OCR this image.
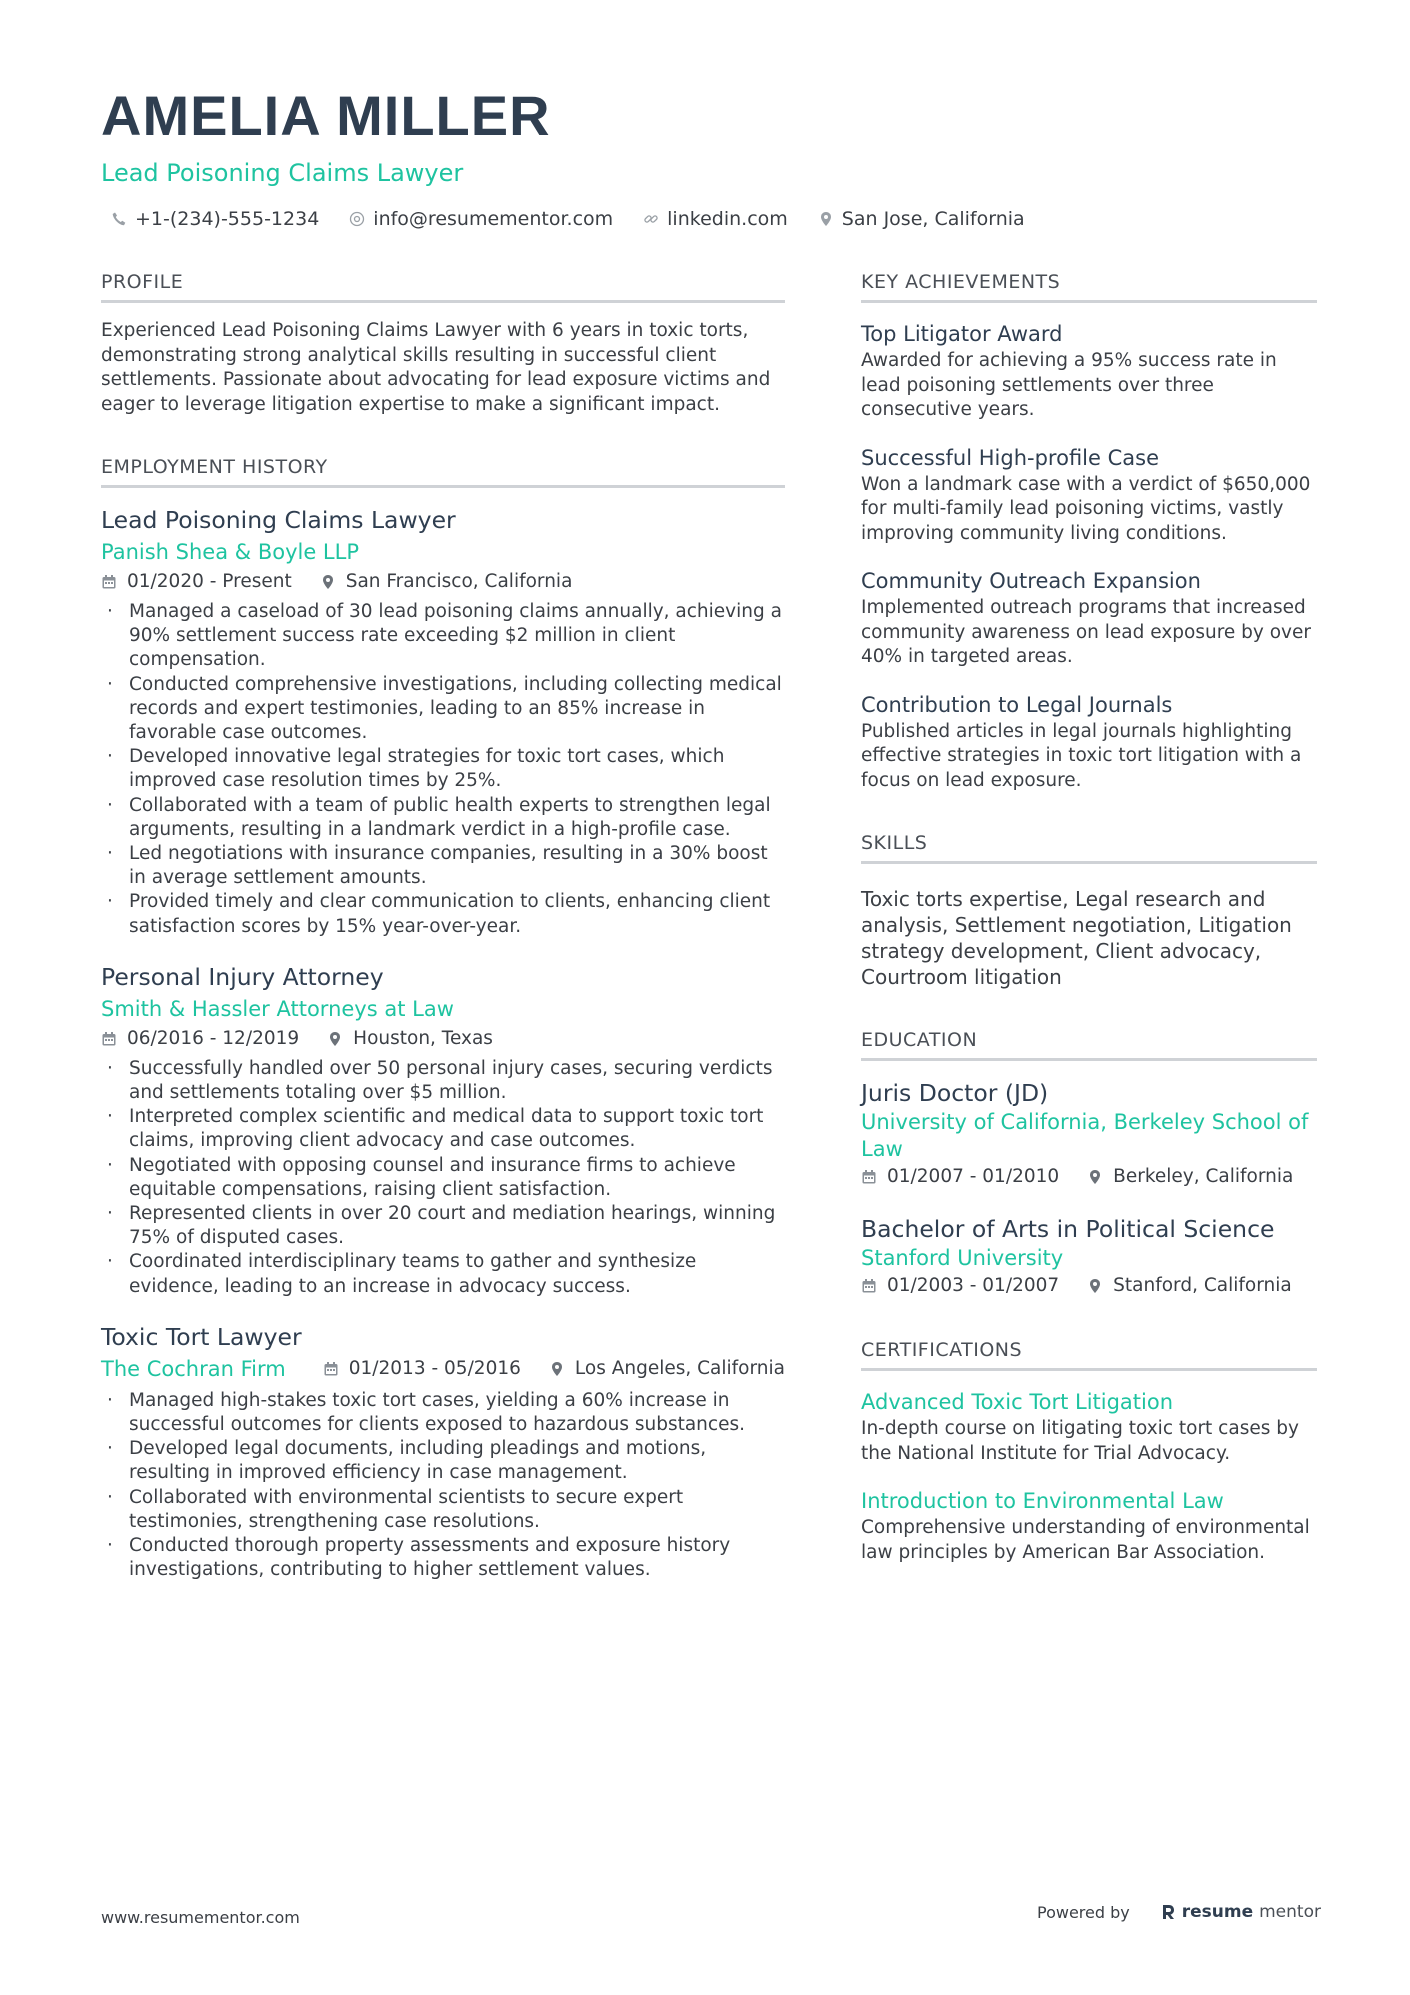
AMELIA MILLER
Lead Poisoning Claims Lawyer
+1-(234)-555-1234	info@resumementor.com	linkedin.com	San Jose, California
PROFILE
Experienced Lead Poisoning Claims Lawyer with 6 years in toxic torts, demonstrating strong analytical skills resulting in successful client settlements. Passionate about advocating for lead exposure victims and eager to leverage litigation expertise to make a significant impact.
EMPLOYMENT HISTORY
Lead Poisoning Claims Lawyer
Panish Shea & Boyle LLP
01/2020 - Present	San Francisco, California
· Managed a caseload of 30 lead poisoning claims annually, achieving a 90% settlement success rate exceeding $2 million in client compensation.
· Conducted comprehensive investigations, including collecting medical records and expert testimonies, leading to an 85% increase in favorable case outcomes.
· Developed innovative legal strategies for toxic tort cases, which improved case resolution times by 25%.
· Collaborated with a team of public health experts to strengthen legal arguments, resulting in a landmark verdict in a high-profile case.
· Led negotiations with insurance companies, resulting in a 30% boost in average settlement amounts.
· Provided timely and clear communication to clients, enhancing client satisfaction scores by 15% year-over-year.
Personal Injury Attorney
Smith & Hassler Attorneys at Law
06/2016 - 12/2019	Houston, Texas
· Successfully handled over 50 personal injury cases, securing verdicts and settlements totaling over $5 million.
· Interpreted complex scientific and medical data to support toxic tort claims, improving client advocacy and case outcomes.
· Negotiated with opposing counsel and insurance firms to achieve equitable compensations, raising client satisfaction.
· Represented clients in over 20 court and mediation hearings, winning 75% of disputed cases.
· Coordinated interdisciplinary teams to gather and synthesize evidence, leading to an increase in advocacy success.
Toxic Tort Lawyer
The Cochran Firm	01/2013 - 05/2016	Los Angeles, California
· Managed high-stakes toxic tort cases, yielding a 60% increase in successful outcomes for clients exposed to hazardous substances.
· Developed legal documents, including pleadings and motions, resulting in improved efficiency in case management.
· Collaborated with environmental scientists to secure expert testimonies, strengthening case resolutions.
· Conducted thorough property assessments and exposure history investigations, contributing to higher settlement values.
KEY ACHIEVEMENTS
Top Litigator Award
Awarded for achieving a 95% success rate in lead poisoning settlements over three consecutive years.
Successful High-profile Case
Won a landmark case with a verdict of $650,000 for multi-family lead poisoning victims, vastly improving community living conditions.
Community Outreach Expansion
Implemented outreach programs that increased community awareness on lead exposure by over 40% in targeted areas.
Contribution to Legal Journals
Published articles in legal journals highlighting effective strategies in toxic tort litigation with a focus on lead exposure.
SKILLS
Toxic torts expertise, Legal research and analysis, Settlement negotiation, Litigation strategy development, Client advocacy, Courtroom litigation
EDUCATION
Juris Doctor (JD)
University of California, Berkeley School of Law
01/2007 - 01/2010	Berkeley, California
Bachelor of Arts in Political Science
Stanford University
01/2003 - 01/2007	Stanford, California
CERTIFICATIONS
Advanced Toxic Tort Litigation
In-depth course on litigating toxic tort cases by the National Institute for Trial Advocacy.
Introduction to Environmental Law
Comprehensive understanding of environmental law principles by American Bar Association.
www.resumementor.com	Powered by	resume mentor
